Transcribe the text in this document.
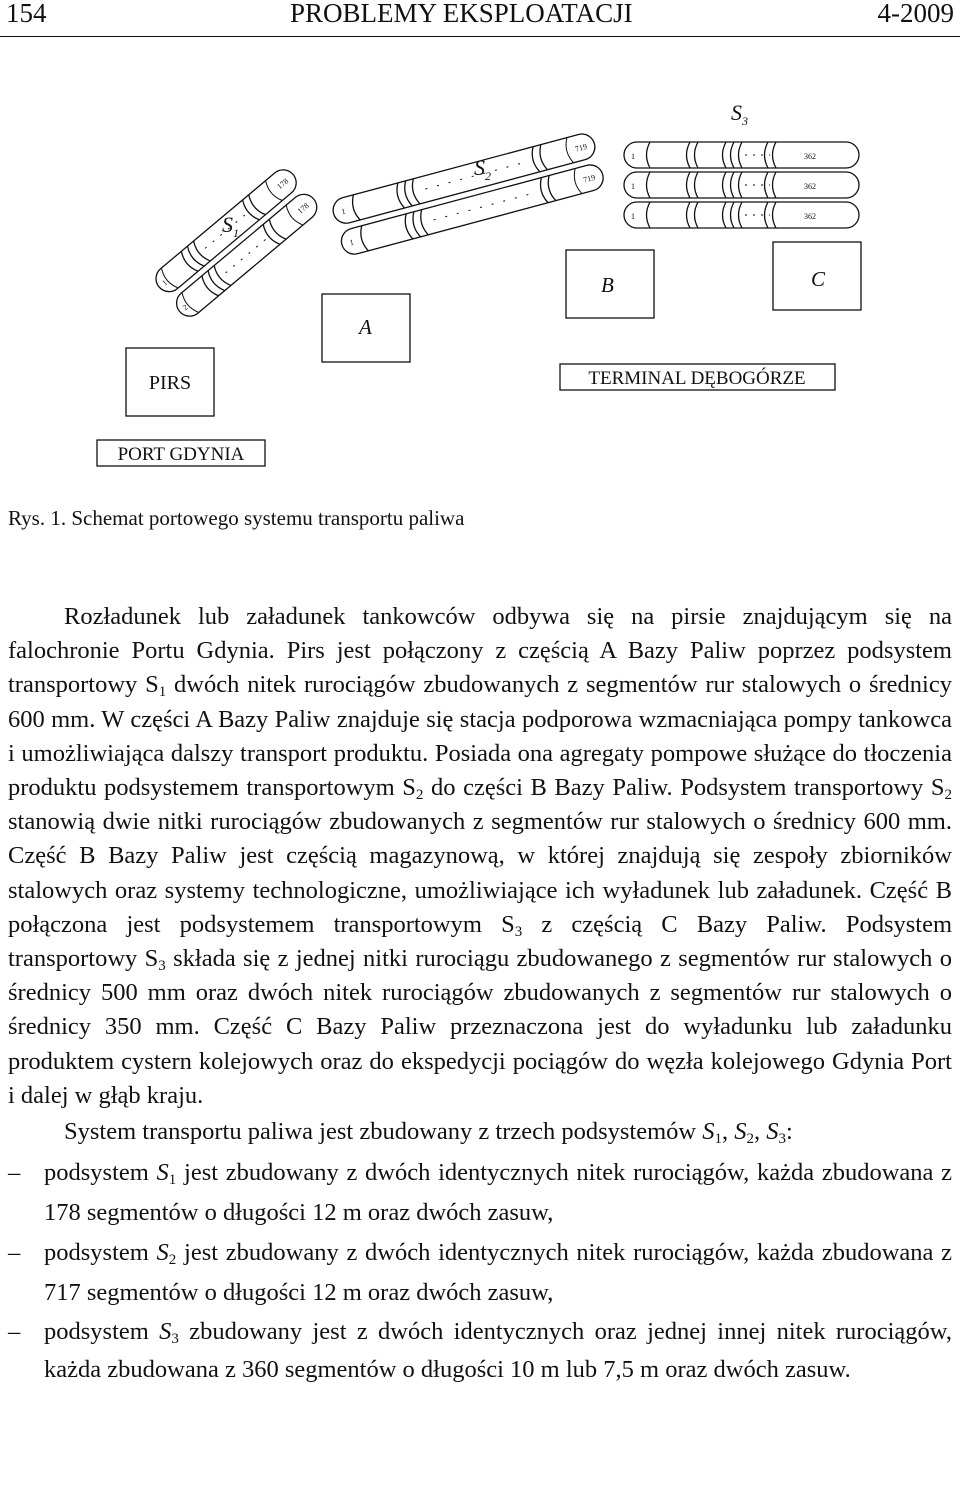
154	PROBLEMY EKSPLOATACJI	4-2009
1
2
178
178	1
1
719
719
1
1
1
362
362
362
$S_1$
$S_2$
$S_3$
A
B	C
PIRS
PORT GDYNIA
TERMINAL DĘBOGÓRZE
Rys. 1. Schemat portowego systemu transportu paliwa

Rozładunek lub załadunek tankowców odbywa się na pirsie znajdującym się na falochronie Portu Gdynia. Pirs jest połączony z częścią A Bazy Paliw poprzez podsystem transportowy $S_1$ dwóch nitek rurociągów zbudowanych z segmentów rur stalowych o średnicy 600 mm. W części A Bazy Paliw znajduje się stacja podporowa wzmacniająca pompy tankowca i umożliwiająca dalszy transport produktu. Posiada ona agregaty pompowe służące do tłoczenia produktu podsystemem transportowym $S_2$ do części B Bazy Paliw. Podsystem transportowy $S_2$ stanowią dwie nitki rurociągów zbudowanych z segmentów rur stalowych o średnicy 600 mm. Część B Bazy Paliw jest częścią magazynową, w której znajdują się zespoły zbiorników stalowych oraz systemy technologiczne, umożliwiające ich wyładunek lub załadunek. Część B połączona jest podsystemem transportowym $S_3$ z częścią C Bazy Paliw. Podsystem transportowy $S_3$ składa się z jednej nitki rurociągu zbudowanego z segmentów rur stalowych o średnicy 500 mm oraz dwóch nitek rurociągów zbudowanych z segmentów rur stalowych o średnicy 350 mm. Część C Bazy Paliw przeznaczona jest do wyładunku lub załadunku produktem cystern kolejowych oraz do ekspedycji pociągów do węzła kolejowego Gdynia Port i dalej w głąb kraju.

System transportu paliwa jest zbudowany z trzech podsystemów $S_1$, $S_2$, $S_3$:

– podsystem $S_1$ jest zbudowany z dwóch identycznych nitek rurociągów, każda zbudowana z 178 segmentów o długości 12 m oraz dwóch zasuw,
– podsystem $S_2$ jest zbudowany z dwóch identycznych nitek rurociągów, każda zbudowana z 717 segmentów o długości 12 m oraz dwóch zasuw,
– podsystem $S_3$ zbudowany jest z dwóch identycznych oraz jednej innej nitek rurociągów, każda zbudowana z 360 segmentów o długości 10 m lub 7,5 m oraz dwóch zasuw.
